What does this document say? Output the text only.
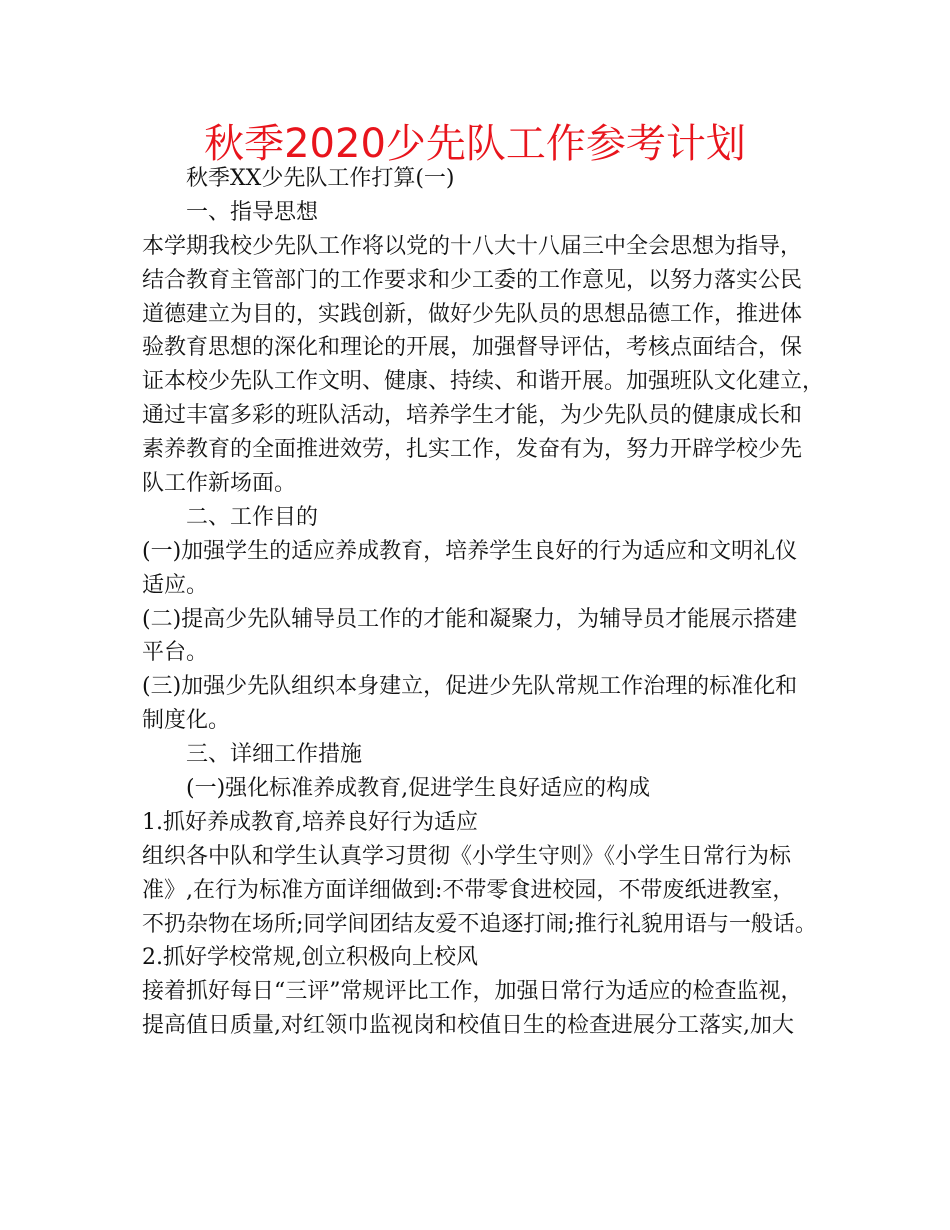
秋季2020少先队工作参考计划
秋季XX少先队工作打算(一)
一、指导思想
本学期我校少先队工作将以党的十八大十八届三中全会思想为指导，
结合教育主管部门的工作要求和少工委的工作意见，以努力落实公民
道德建立为目的，实践创新，做好少先队员的思想品德工作，推进体
验教育思想的深化和理论的开展，加强督导评估，考核点面结合，保
证本校少先队工作文明、健康、持续、和谐开展。加强班队文化建立，
通过丰富多彩的班队活动，培养学生才能，为少先队员的健康成长和
素养教育的全面推进效劳，扎实工作，发奋有为，努力开辟学校少先
队工作新场面。
二、工作目的
(一)加强学生的适应养成教育，培养学生良好的行为适应和文明礼仪
适应。
(二)提高少先队辅导员工作的才能和凝聚力，为辅导员才能展示搭建
平台。
(三)加强少先队组织本身建立，促进少先队常规工作治理的标准化和
制度化。
三、详细工作措施
(一)强化标准养成教育,促进学生良好适应的构成
1.抓好养成教育,培养良好行为适应
组织各中队和学生认真学习贯彻《小学生守则》《小学生日常行为标
准》,在行为标准方面详细做到:不带零食进校园，不带废纸进教室，
不扔杂物在场所;同学间团结友爱不追逐打闹;推行礼貌用语与一般话。
2.抓好学校常规,创立积极向上校风
接着抓好每日“三评”常规评比工作，加强日常行为适应的检查监视，
提高值日质量,对红领巾监视岗和校值日生的检查进展分工落实,加大
